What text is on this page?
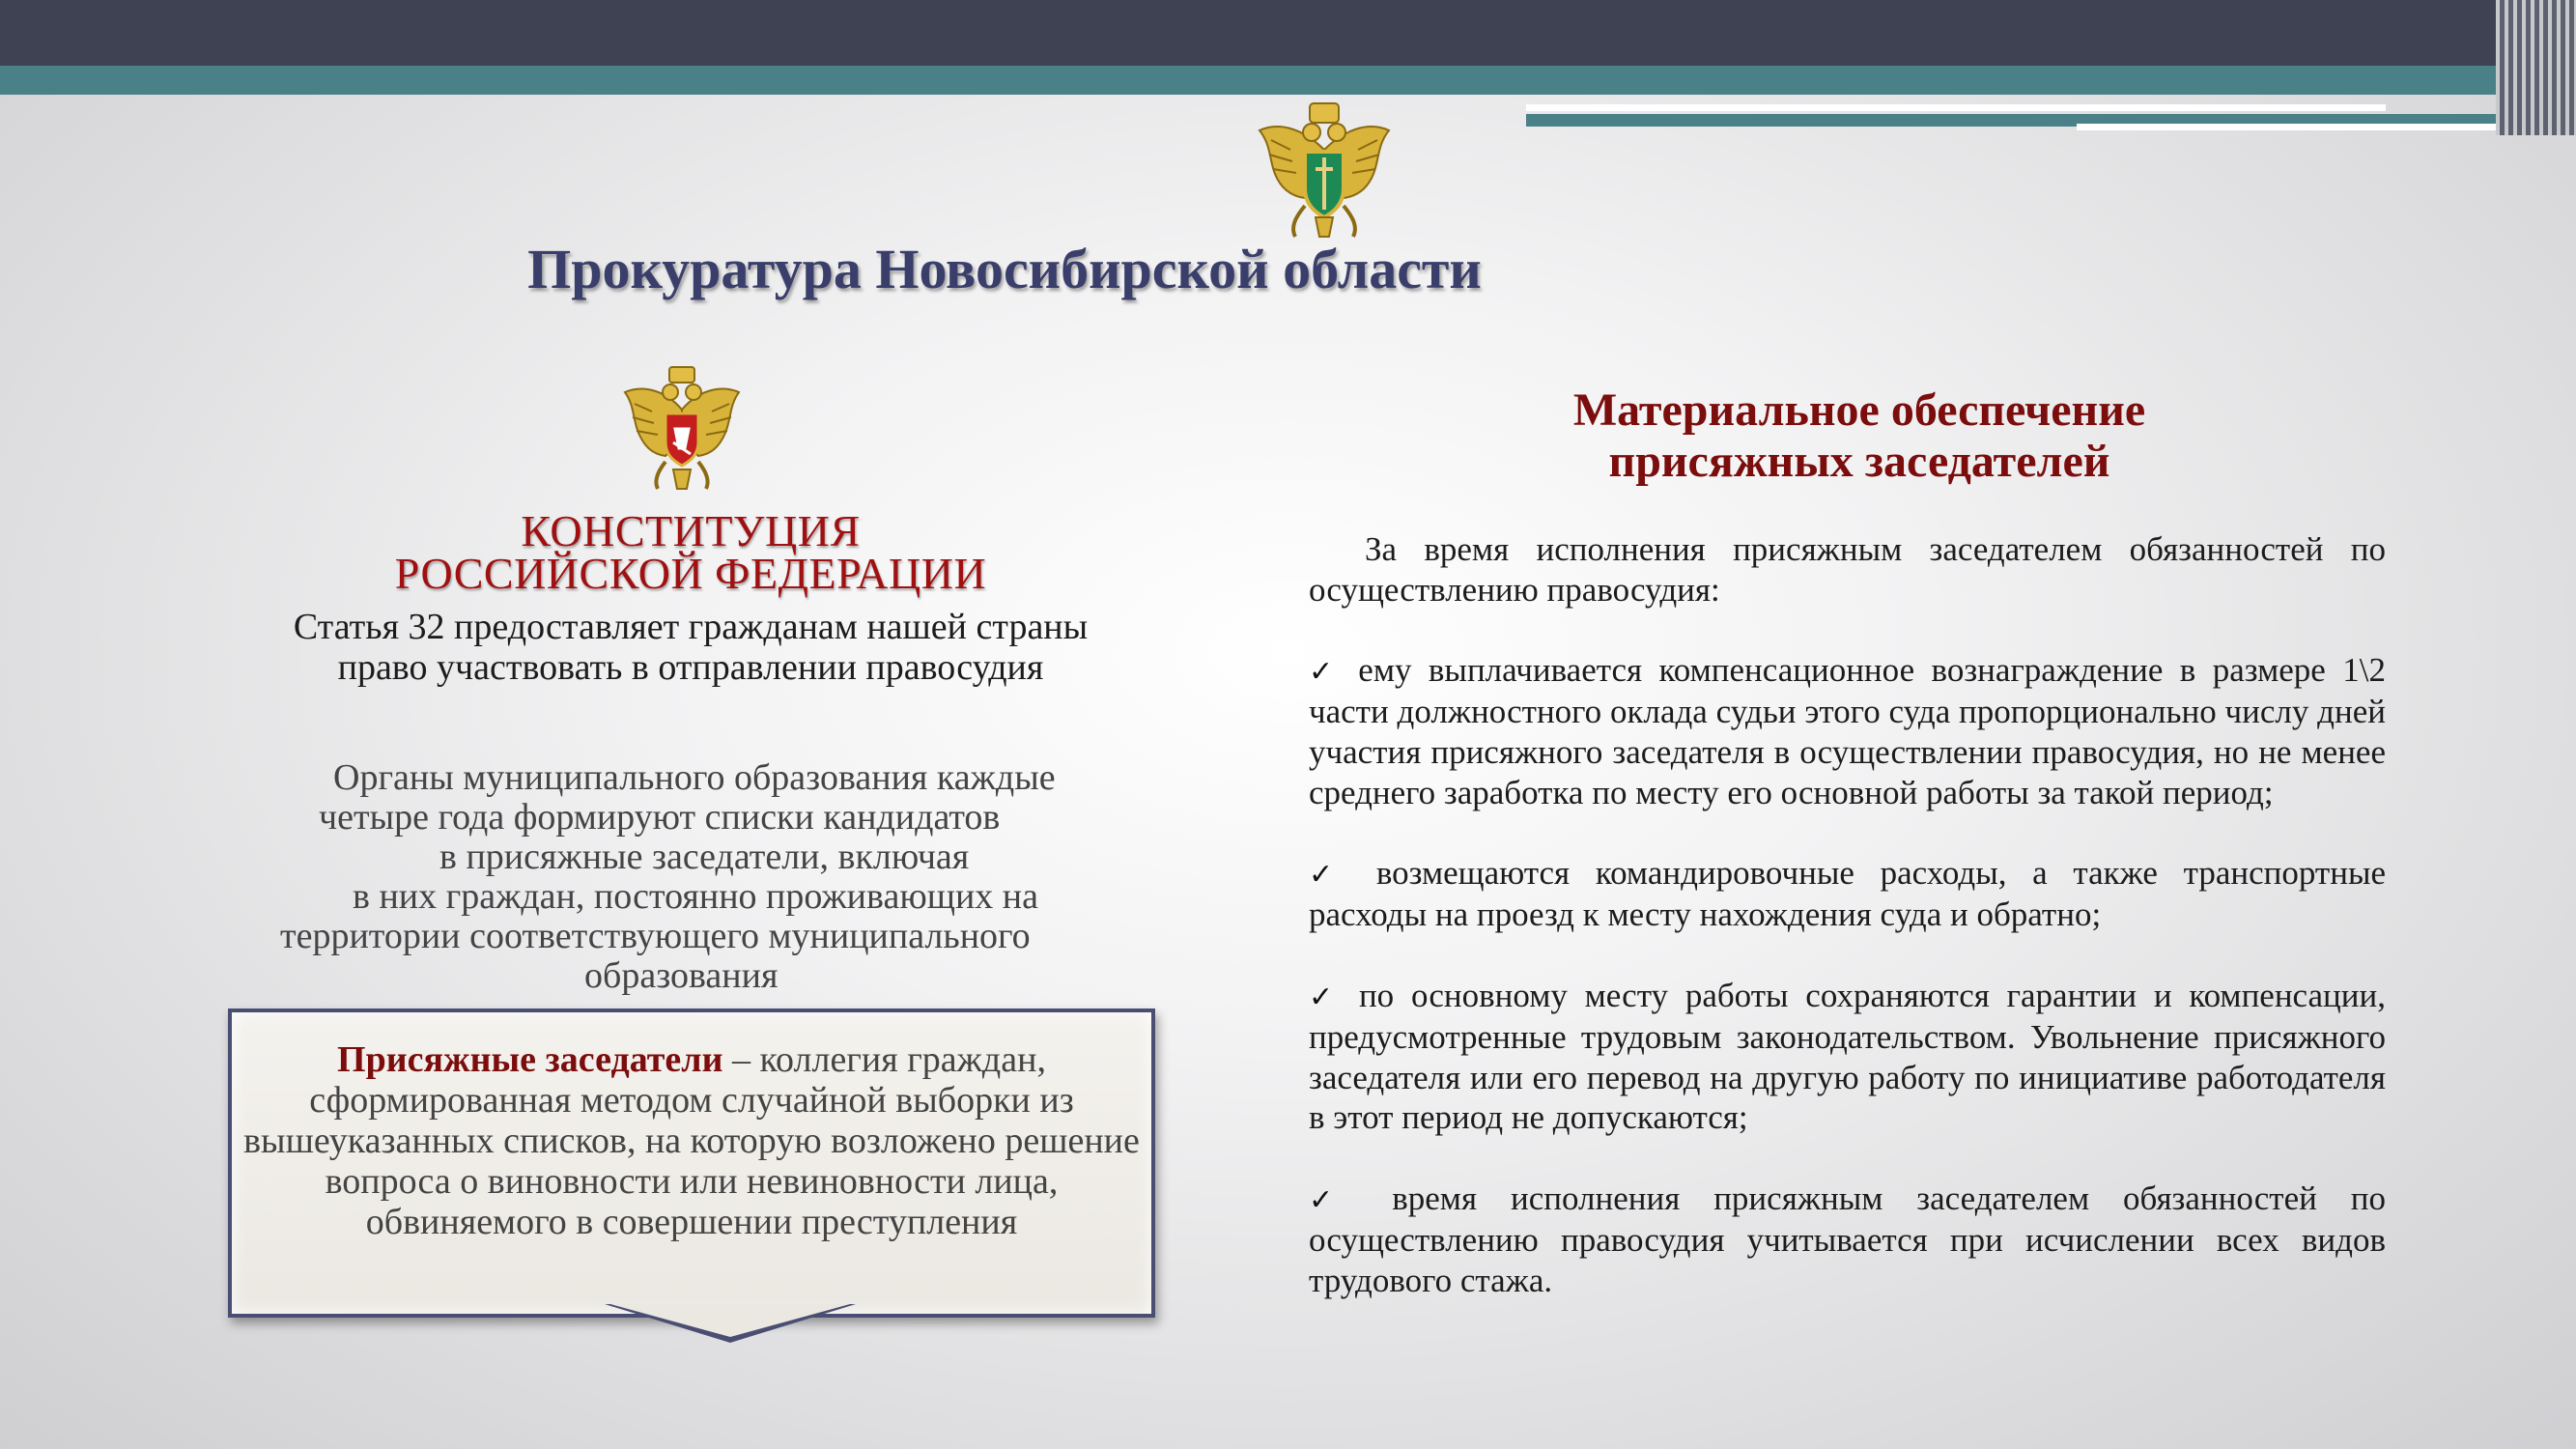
Прокуратура Новосибирской области
КОНСТИТУЦИЯ
РОССИЙСКОЙ ФЕДЕРАЦИИ
Статья 32 предоставляет гражданам нашей страны
право участвовать в отправлении правосудия
Органы муниципального образования каждые
четыре года формируют списки кандидатов
в присяжные заседатели, включая
в них граждан, постоянно проживающих на
территории соответствующего муниципального
образования
Присяжные заседатели – коллегия граждан, сформированная методом случайной выборки из вышеуказанных списков, на которую возложено решение вопроса о виновности или невиновности лица, обвиняемого в совершении преступления
Материальное обеспечение
присяжных заседателей

За время исполнения присяжным заседателем обязанностей по осуществлению правосудия:

✓ ему выплачивается компенсационное вознаграждение в размере 1\2 части должностного оклада судьи этого суда пропорционально числу дней участия присяжного заседателя в осуществлении правосудия, но не менее среднего заработка по месту его основной работы за такой период;

✓ возмещаются командировочные расходы, а также транспортные расходы на проезд к месту нахождения суда и обратно;

✓ по основному месту работы сохраняются гарантии и компенсации, предусмотренные трудовым законодательством. Увольнение присяжного заседателя или его перевод на другую работу по инициативе работодателя в этот период не допускаются;

✓ время исполнения присяжным заседателем обязанностей по осуществлению правосудия учитывается при исчислении всех видов трудового стажа.
